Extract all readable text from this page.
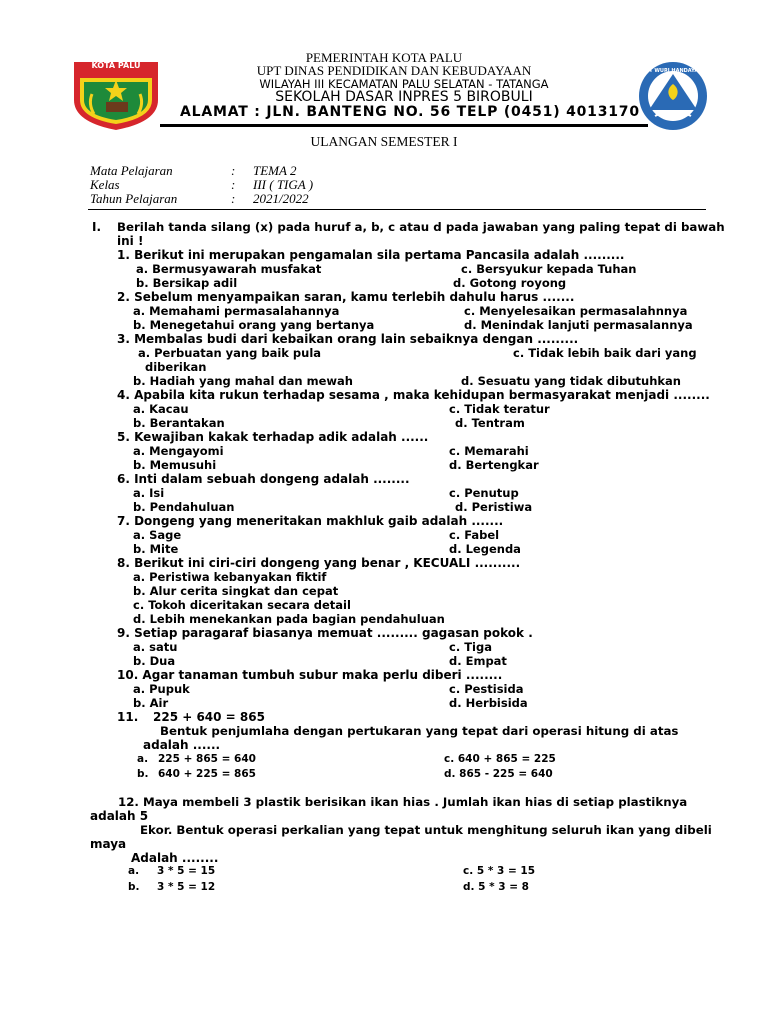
KOTA PALU
TUT WURI HANDAYANI
PEMERINTAH KOTA PALU
UPT DINAS PENDIDIKAN DAN KEBUDAYAAN
WILAYAH III KECAMATAN PALU SELATAN - TATANGA
SEKOLAH DASAR INPRES 5 BIROBULI
ALAMAT : JLN. BANTENG NO. 56 TELP (0451) 4013170
ULANGAN SEMESTER I
Mata Pelajaran	: TEMA 2
Kelas	: III ( TIGA )
Tahun Pelajaran	: 2021/2022
I. Berilah tanda silang (x) pada huruf a, b, c atau d pada jawaban yang paling tepat di bawah
ini !
1. Berikut ini merupakan pengamalan sila pertama Pancasila adalah .........
a. Bermusyawarah musfakat	c. Bersyukur kepada Tuhan
b. Bersikap adil	d. Gotong royong
2. Sebelum menyampaikan saran, kamu terlebih dahulu harus .......
a. Memahami permasalahannya	c. Menyelesaikan permasalahnnya
b. Menegetahui orang yang bertanya	d. Menindak lanjuti permasalannya
3. Membalas budi dari kebaikan orang lain sebaiknya dengan .........
a. Perbuatan yang baik pula	c. Tidak lebih baik dari yang
diberikan
b. Hadiah yang mahal dan mewah	d. Sesuatu yang tidak dibutuhkan
4. Apabila kita rukun terhadap sesama , maka kehidupan bermasyarakat menjadi ........
a. Kacau	c. Tidak teratur
b. Berantakan	d. Tentram
5. Kewajiban kakak terhadap adik adalah ......
a. Mengayomi	c. Memarahi
b. Memusuhi	d. Bertengkar
6. Inti dalam sebuah dongeng adalah ........
a. Isi	c. Penutup
b. Pendahuluan	d. Peristiwa
7. Dongeng yang meneritakan makhluk gaib adalah .......
a. Sage	c. Fabel
b. Mite	d. Legenda
8. Berikut ini ciri-ciri dongeng yang benar , KECUALI ..........
a. Peristiwa kebanyakan fiktif
b. Alur cerita singkat dan cepat
c. Tokoh diceritakan secara detail
d. Lebih menekankan pada bagian pendahuluan
9. Setiap paragaraf biasanya memuat ......... gagasan pokok .
a. satu	c. Tiga
b. Dua	d. Empat
10. Agar tanaman tumbuh subur maka perlu diberi ........
a. Pupuk	c. Pestisida
b. Air	d. Herbisida
11. 225 + 640 = 865
Bentuk penjumlaha dengan pertukaran yang tepat dari operasi hitung di atas
adalah ......
a. 225 + 865 = 640	c. 640 + 865 = 225
b. 640 + 225 = 865	d. 865 - 225 = 640
12. Maya membeli 3 plastik berisikan ikan hias . Jumlah ikan hias di setiap plastiknya
adalah 5
Ekor. Bentuk operasi perkalian yang tepat untuk menghitung seluruh ikan yang dibeli
maya
Adalah ........
a. 3 * 5 = 15	c. 5 * 3 = 15
b. 3 * 5 = 12	d. 5 * 3 = 8
